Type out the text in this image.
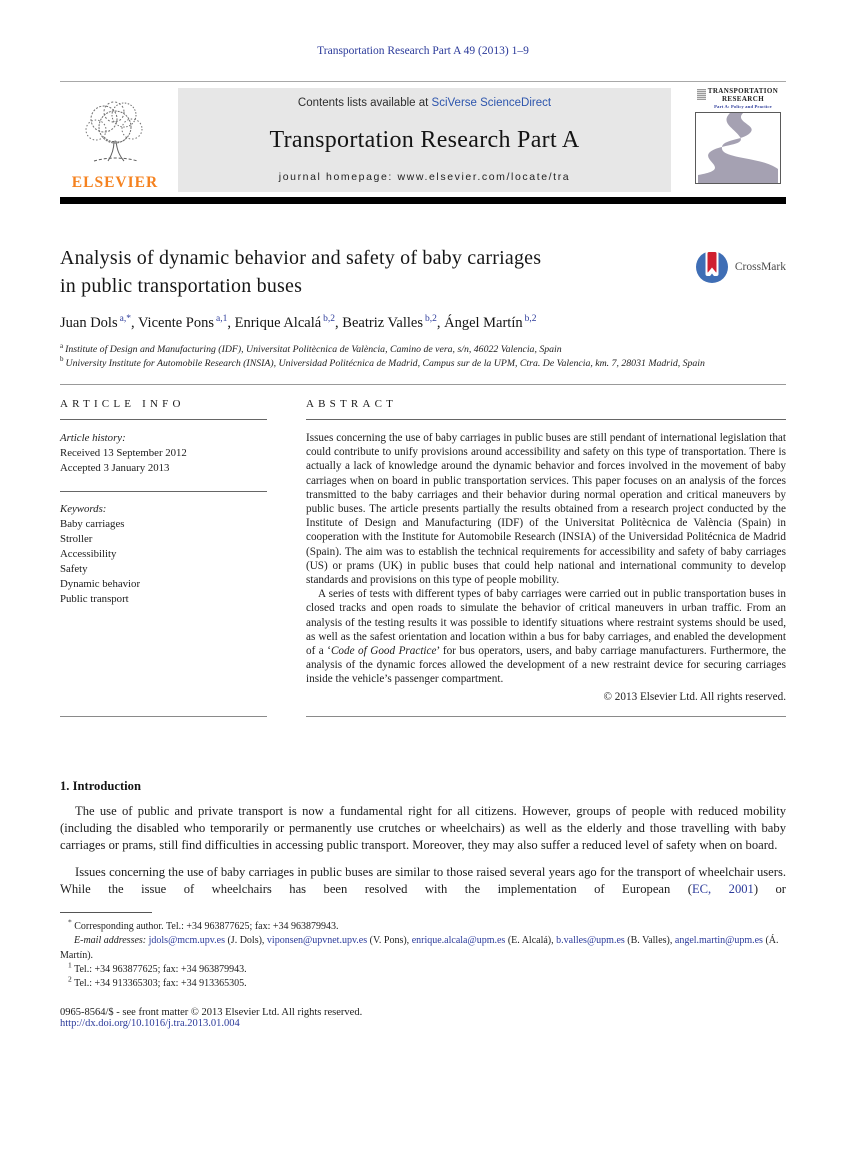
Transportation Research Part A 49 (2013) 1–9
ELSEVIER
Contents lists available at SciVerse ScienceDirect
Transportation Research Part A
journal homepage: www.elsevier.com/locate/tra
TRANSPORTATION
RESEARCH
Part A: Policy and Practice
Analysis of dynamic behavior and safety of baby carriages
in public transportation buses
CrossMark
Juan Dols $^{a,*}$, Vicente Pons $^{a,1}$, Enrique Alcalá $^{b,2}$, Beatriz Valles $^{b,2}$, Ángel Martín $^{b,2}$
$^a$ Institute of Design and Manufacturing (IDF), Universitat Politècnica de València, Camino de vera, s/n, 46022 Valencia, Spain
$^b$ University Institute for Automobile Research (INSIA), Universidad Politécnica de Madrid, Campus sur de la UPM, Ctra. De Valencia, km. 7, 28031 Madrid, Spain
ARTICLE INFO
Article history:
Received 13 September 2012
Accepted 3 January 2013
Keywords:
Baby carriages
Stroller
Accessibility
Safety
Dynamic behavior
Public transport
ABSTRACT

Issues concerning the use of baby carriages in public buses are still pendant of international legislation that could contribute to unify provisions around accessibility and safety on this type of transportation. There is actually a lack of knowledge around the dynamic behavior and forces involved in the movement of baby carriages when on board in public transportation services. This paper focuses on an analysis of the forces transmitted to the baby carriages and their behavior during normal operation and critical maneuvers by public buses. The article presents partially the results obtained from a research project conducted by the Institute of Design and Manufacturing (IDF) of the Universitat Politècnica de València (Spain) in cooperation with the Institute for Automobile Research (INSIA) of the Universidad Politécnica de Madrid (Spain). The aim was to establish the technical requirements for accessibility and safety of baby carriages (US) or prams (UK) in public buses that could help national and international community to develop standards and provisions on this type of people mobility.

A series of tests with different types of baby carriages were carried out in public transportation buses in closed tracks and open roads to simulate the behavior of critical maneuvers in urban traffic. From an analysis of the testing results it was possible to identify situations where restraint systems should be used, as well as the safest orientation and location within a bus for baby carriages, and enabled the development of a ‘Code of Good Practice’ for bus operators, users, and baby carriage manufacturers. Furthermore, the analysis of the dynamic forces allowed the development of a new restraint device for securing carriages inside the vehicle’s passenger compartment.

© 2013 Elsevier Ltd. All rights reserved.
1. Introduction

The use of public and private transport is now a fundamental right for all citizens. However, groups of people with reduced mobility (including the disabled who temporarily or permanently use crutches or wheelchairs) as well as the elderly and those travelling with baby carriages or prams, still find difficulties in accessing public transport. Moreover, they may also suffer a reduced level of safety when on board.

Issues concerning the use of baby carriages in public buses are similar to those raised several years ago for the transport of wheelchair users. While the issue of wheelchairs has been resolved with the implementation of European (EC, 2001) or

* Corresponding author. Tel.: +34 963877625; fax: +34 963879943.
E-mail addresses: jdols@mcm.upv.es (J. Dols), viponsen@upvnet.upv.es (V. Pons), enrique.alcala@upm.es (E. Alcalá), b.valles@upm.es (B. Valles), angel.martin@upm.es (Á. Martín).
$^1$ Tel.: +34 963877625; fax: +34 963879943.
$^2$ Tel.: +34 913365303; fax: +34 913365305.
0965-8564/$ - see front matter © 2013 Elsevier Ltd. All rights reserved.
http://dx.doi.org/10.1016/j.tra.2013.01.004
